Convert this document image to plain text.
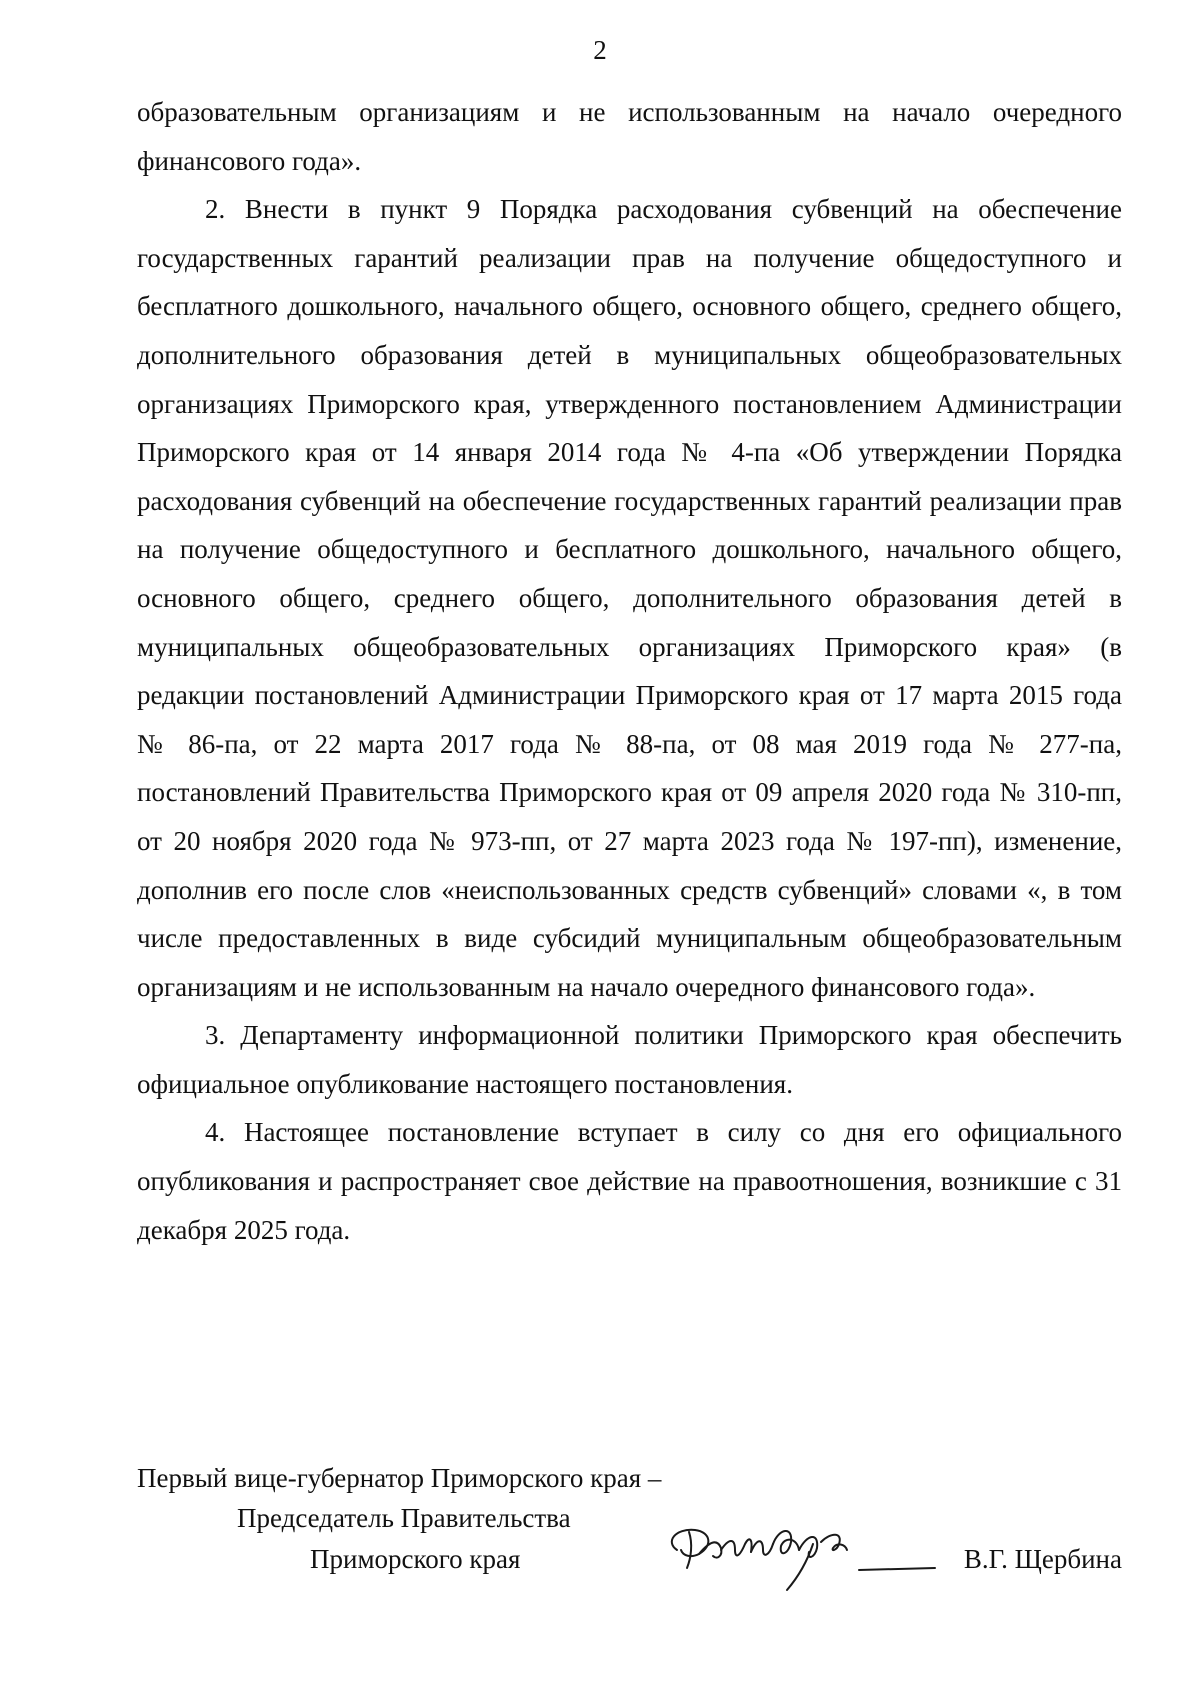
2

образовательным организациям и не использованным на начало очередного финансового года».

2. Внести в пункт 9 Порядка расходования субвенций на обеспечение государственных гарантий реализации прав на получение общедоступного и бесплатного дошкольного, начального общего, основного общего, среднего общего, дополнительного образования детей в муниципальных общеобразовательных организациях Приморского края, утвержденного постановлением Администрации Приморского края от 14 января 2014 года № 4-па «Об утверждении Порядка расходования субвенций на обеспечение государственных гарантий реализации прав на получение общедоступного и бесплатного дошкольного, начального общего, основного общего, среднего общего, дополнительного образования детей в муниципальных общеобразовательных организациях Приморского края» (в редакции постановлений Администрации Приморского края от 17 марта 2015 года № 86-па, от 22 марта 2017 года № 88-па, от 08 мая 2019 года № 277-па, постановлений Правительства Приморского края от 09 апреля 2020 года № 310-пп, от 20 ноября 2020 года № 973-пп, от 27 марта 2023 года № 197-пп), изменение, дополнив его после слов «неиспользованных средств субвенций» словами «, в том числе предоставленных в виде субсидий муниципальным общеобразовательным организациям и не использованным на начало очередного финансового года».

3. Департаменту информационной политики Приморского края обеспечить официальное опубликование настоящего постановления.

4. Настоящее постановление вступает в силу со дня его официального опубликования и распространяет свое действие на правоотношения, возникшие с 31 декабря 2025 года.

Первый вице-губернатор Приморского края –
Председатель Правительства
Приморского края	В.Г. Щербина
